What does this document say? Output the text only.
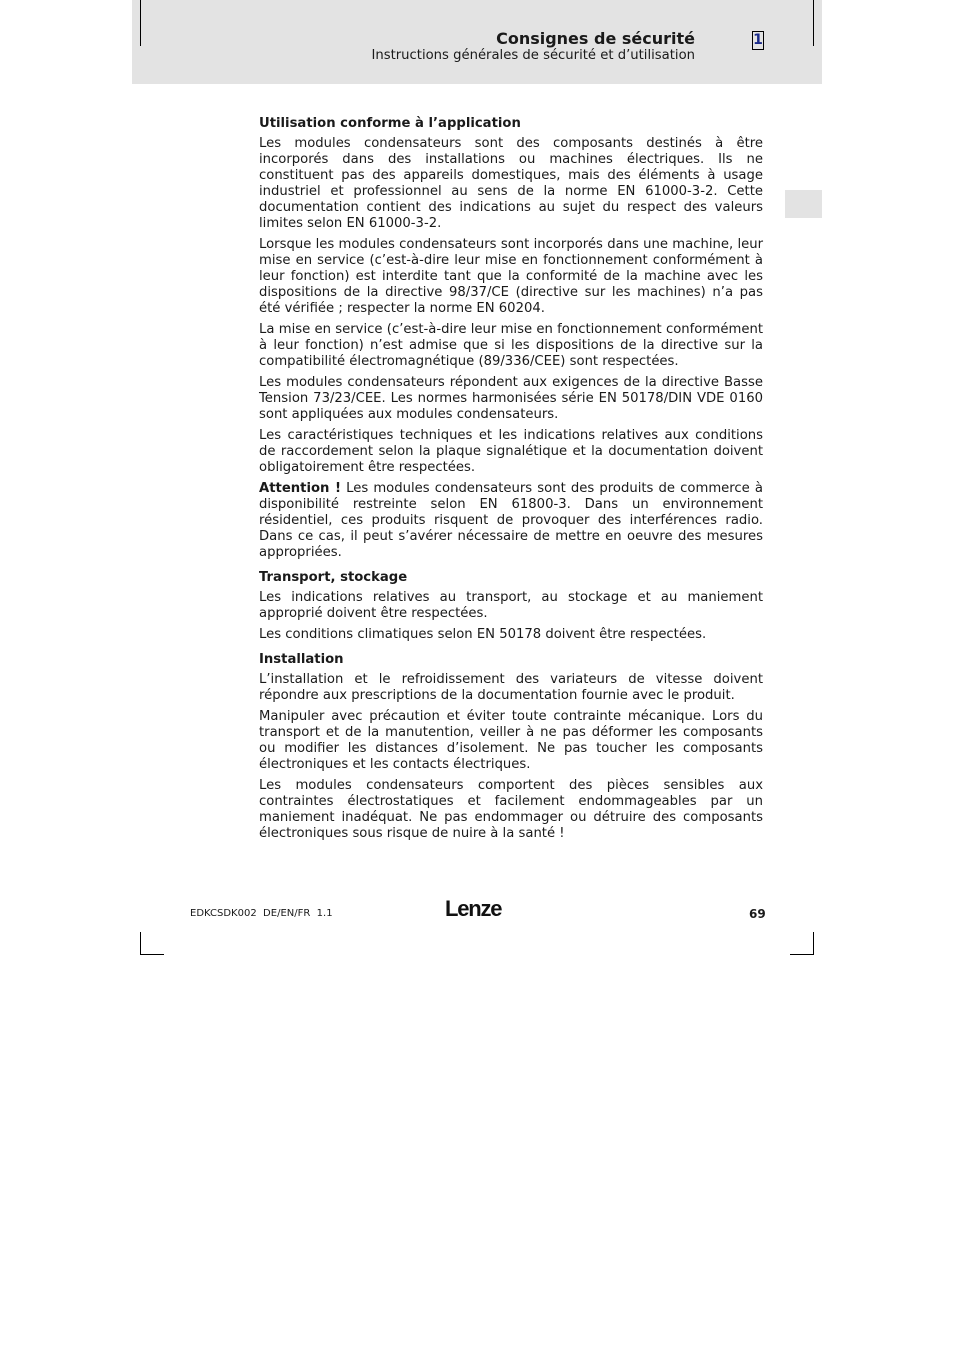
Consignes de sécurité
Instructions générales de sécurité et d’utilisation
1
Utilisation conforme à l’application

Les modules condensateurs sont des composants destinés à être incorporés dans des installations ou machines électriques. Ils ne constituent pas des appareils domestiques, mais des éléments à usage industriel et professionnel au sens de la norme EN 61000-3-2. Cette documentation contient des indications au sujet du respect des valeurs limites selon EN 61000-3-2.

Lorsque les modules condensateurs sont incorporés dans une machine, leur mise en service (c’est-à-dire leur mise en fonctionnement conformément à leur fonction) est interdite tant que la conformité de la machine avec les dispositions de la directive 98/37/CE (directive sur les machines) n’a pas été vérifiée ; respecter la norme EN 60204.

La mise en service (c’est-à-dire leur mise en fonctionnement conformément à leur fonction) n’est admise que si les dispositions de la directive sur la compatibilité électromagnétique (89/336/CEE) sont respectées.

Les modules condensateurs répondent aux exigences de la directive Basse Tension 73/23/CEE. Les normes harmonisées série EN 50178/DIN VDE 0160 sont appliquées aux modules condensateurs.

Les caractéristiques techniques et les indications relatives aux conditions de raccordement selon la plaque signalétique et la documentation doivent obligatoirement être respectées.

Attention ! Les modules condensateurs sont des produits de commerce à disponibilité restreinte selon EN 61800-3. Dans un environnement résidentiel, ces produits risquent de provoquer des interférences radio. Dans ce cas, il peut s’avérer nécessaire de mettre en oeuvre des mesures appropriées.

Transport, stockage

Les indications relatives au transport, au stockage et au maniement approprié doivent être respectées.

Les conditions climatiques selon EN 50178 doivent être respectées.

Installation

L’installation et le refroidissement des variateurs de vitesse doivent répondre aux prescriptions de la documentation fournie avec le produit.

Manipuler avec précaution et éviter toute contrainte mécanique. Lors du transport et de la manutention, veiller à ne pas déformer les composants ou modifier les distances d’isolement. Ne pas toucher les composants électroniques et les contacts électriques.

Les modules condensateurs comportent des pièces sensibles aux contraintes électrostatiques et facilement endommageables par un maniement inadéquat. Ne pas endommager ou détruire des composants électroniques sous risque de nuire à la santé !

EDKCSDK002  DE/EN/FR  1.1	Lenze	69
